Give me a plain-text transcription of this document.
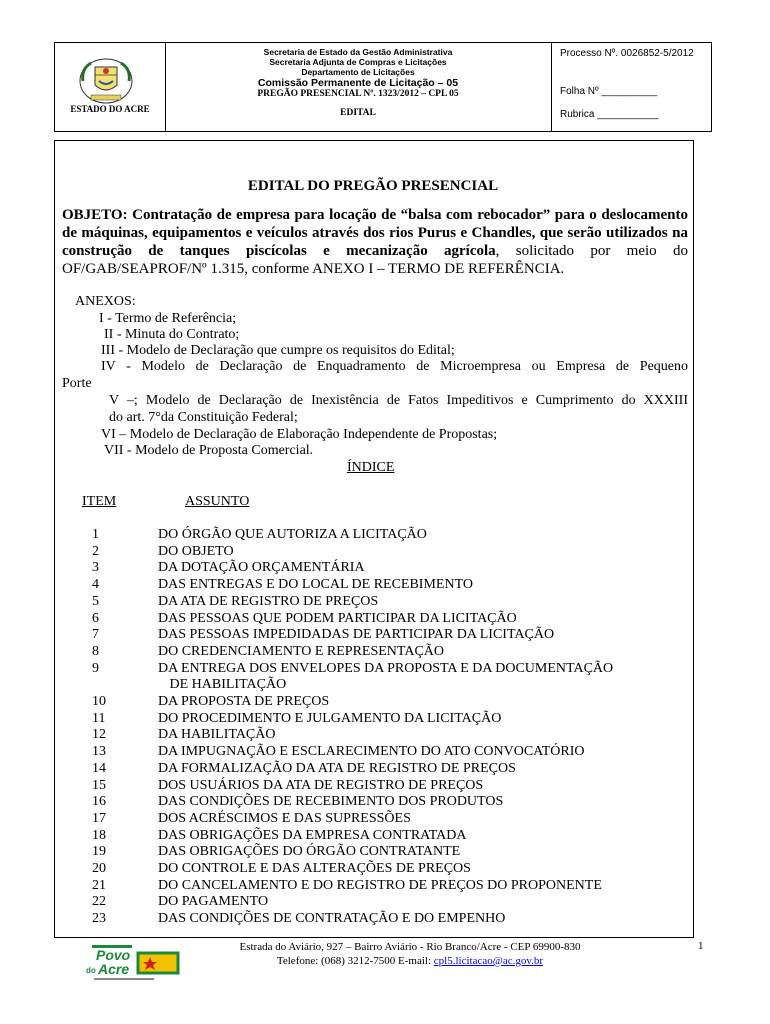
ESTADO DO ACRE
Secretaria de Estado da Gestão Administrativa
Secretaria Adjunta de Compras e Licitações
Departamento de Licitações
Comissão Permanente de Licitação – 05
PREGÃO PRESENCIAL Nº. 1323/2012 – CPL 05
EDITAL
Processo Nº. 0026852-5/2012
Folha Nº __________
Rubrica ___________
EDITAL DO PREGÃO PRESENCIAL
OBJETO: Contratação de empresa para locação de “balsa com rebocador” para o deslocamento de máquinas, equipamentos e veículos através dos rios Purus e Chandles, que serão utilizados na construção de tanques piscícolas e mecanização agrícola, solicitado por meio do OF/GAB/SEAPROF/Nº 1.315, conforme ANEXO I – TERMO DE REFERÊNCIA.
ANEXOS:
I - Termo de Referência;
II - Minuta do Contrato;
III - Modelo de Declaração que cumpre os requisitos do Edital;
IV - Modelo de Declaração de Enquadramento de Microempresa ou Empresa de Pequeno
Porte
V –; Modelo de Declaração de Inexistência de Fatos Impeditivos e Cumprimento do XXXIII
do art. 7°da Constituição Federal;
VI – Modelo de Declaração de Elaboração Independente de Propostas;
VII - Modelo de Proposta Comercial.
ÍNDICE
ITEM	ASSUNTO
1	DO ÓRGÃO QUE AUTORIZA A LICITAÇÃO
2	DO OBJETO
3	DA DOTAÇÃO ORÇAMENTÁRIA
4	DAS ENTREGAS E DO LOCAL DE RECEBIMENTO
5	DA ATA DE REGISTRO DE PREÇOS
6	DAS PESSOAS QUE PODEM PARTICIPAR DA LICITAÇÃO
7	DAS PESSOAS IMPEDIDADAS DE PARTICIPAR DA LICITAÇÃO
8	DO CREDENCIAMENTO E REPRESENTAÇÃO
9	DA ENTREGA DOS ENVELOPES DA PROPOSTA E DA DOCUMENTAÇÃO
DE HABILITAÇÃO
10	DA PROPOSTA DE PREÇOS
11	DO PROCEDIMENTO E JULGAMENTO DA LICITAÇÃO
12	DA HABILITAÇÃO
13	DA IMPUGNAÇÃO E ESCLARECIMENTO DO ATO CONVOCATÓRIO
14	DA FORMALIZAÇÃO DA ATA DE REGISTRO DE PREÇOS
15	DOS USUÁRIOS DA ATA DE REGISTRO DE PREÇOS
16	DAS CONDIÇÕES DE RECEBIMENTO DOS PRODUTOS
17	DOS ACRÉSCIMOS E DAS SUPRESSÕES
18	DAS OBRIGAÇÕES DA EMPRESA CONTRATADA
19	DAS OBRIGAÇÕES DO ÓRGÃO CONTRATANTE
20	DO CONTROLE E DAS ALTERAÇÕES DE PREÇOS
21	DO CANCELAMENTO E DO REGISTRO DE PREÇOS DO PROPONENTE
22	DO PAGAMENTO
23	DAS CONDIÇÕES DE CONTRATAÇÃO E DO EMPENHO
Povo
do Acre
Estrada do Aviário, 927 – Bairro Aviário - Rio Branco/Acre - CEP 69900-830
Telefone: (068) 3212-7500 E-mail: cpl5.licitacao@ac.gov.br
1
